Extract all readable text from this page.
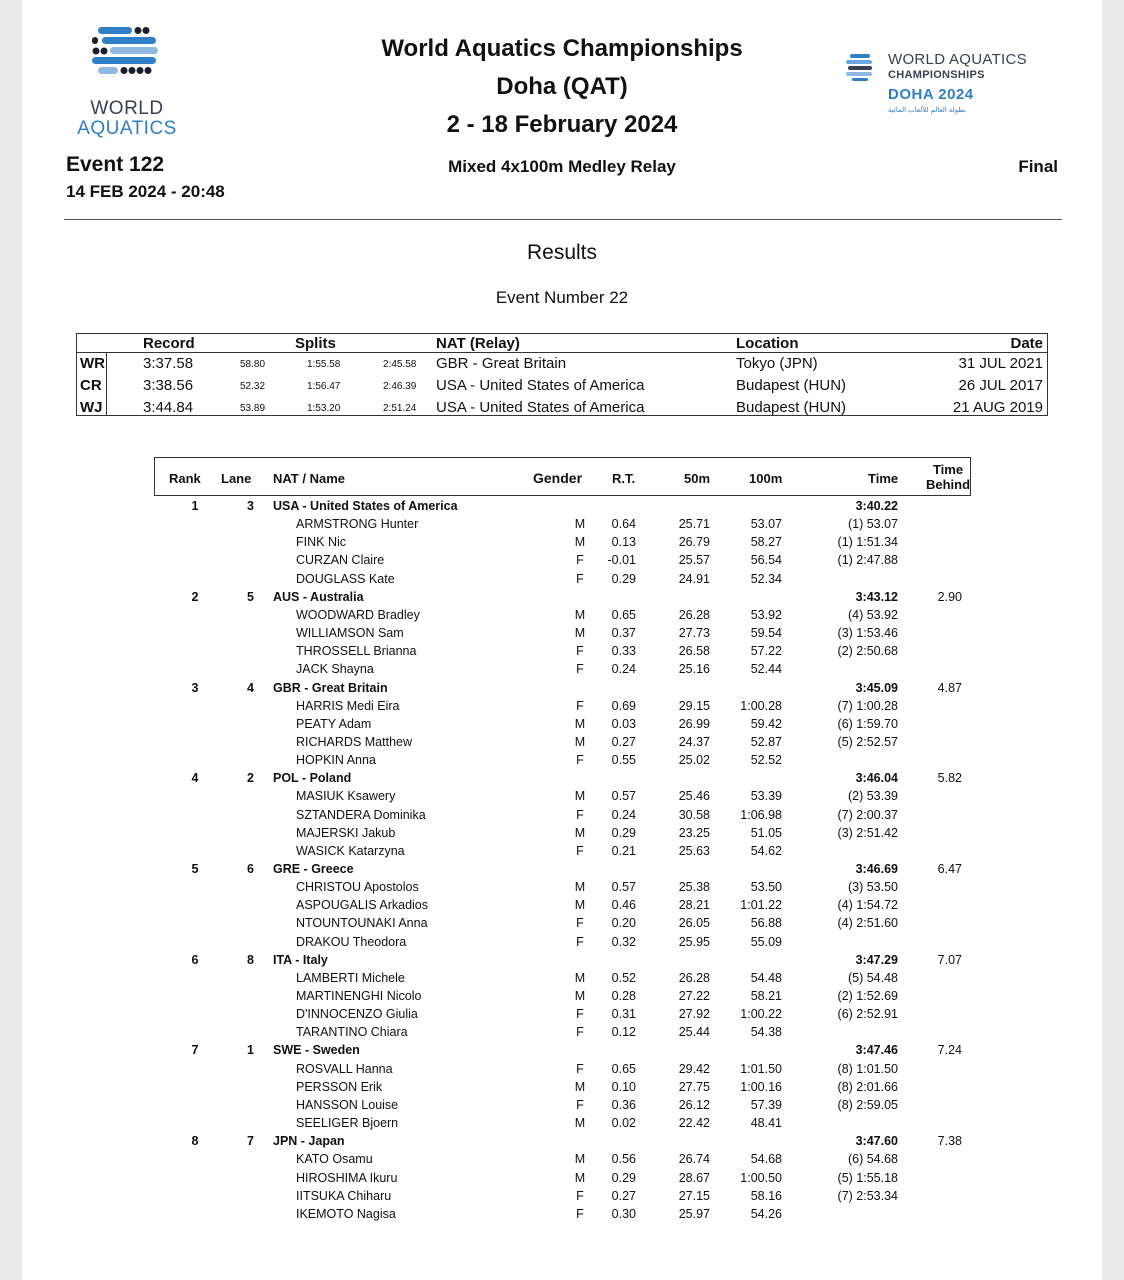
WORLD
AQUATICS
World Aquatics Championships
Doha (QAT)
2 - 18 February 2024
WORLD AQUATICS
CHAMPIONSHIPS
DOHA 2024
بطولة العالم للألعاب المائية
Event 122
14 FEB 2024 - 20:48
Mixed 4x100m Medley Relay	Final
Results
Event Number 22
Record	Splits	NAT (Relay)	Location	Date
WR	3:37.58	58.80	1:55.58	2:45.58 GBR - Great Britain	Tokyo (JPN)	31 JUL 2021
CR	3:38.56	52.32	1:56.47	2:46.39 USA - United States of America	Budapest (HUN)	26 JUL 2017
WJ	3:44.84	53.89	1:53.20	2:51.24 USA - United States of America	Budapest (HUN)	21 AUG 2019
Rank Lane NAT / Name	Gender R.T.	50m	100m	Time
Time
Behind
1	3	USA - United States of America	3:40.22
ARMSTRONG Hunter	M	0.64	25.71	53.07	(1) 53.07
FINK Nic	M	0.13	26.79	58.27	(1) 1:51.34
CURZAN Claire	F	-0.01	25.57	56.54	(1) 2:47.88
DOUGLASS Kate	F	0.29	24.91	52.34
2	5	AUS - Australia	3:43.12	2.90
WOODWARD Bradley	M	0.65	26.28	53.92	(4) 53.92
WILLIAMSON Sam	M	0.37	27.73	59.54	(3) 1:53.46
THROSSELL Brianna	F	0.33	26.58	57.22	(2) 2:50.68
JACK Shayna	F	0.24	25.16	52.44
3	4	GBR - Great Britain	3:45.09	4.87
HARRIS Medi Eira	F	0.69	29.15	1:00.28	(7) 1:00.28
PEATY Adam	M	0.03	26.99	59.42	(6) 1:59.70
RICHARDS Matthew	M	0.27	24.37	52.87	(5) 2:52.57
HOPKIN Anna	F	0.55	25.02	52.52
4	2	POL - Poland	3:46.04	5.82
MASIUK Ksawery	M	0.57	25.46	53.39	(2) 53.39
SZTANDERA Dominika	F	0.24	30.58	1:06.98	(7) 2:00.37
MAJERSKI Jakub	M	0.29	23.25	51.05	(3) 2:51.42
WASICK Katarzyna	F	0.21	25.63	54.62
5	6	GRE - Greece	3:46.69	6.47
CHRISTOU Apostolos	M	0.57	25.38	53.50	(3) 53.50
ASPOUGALIS Arkadios	M	0.46	28.21	1:01.22	(4) 1:54.72
NTOUNTOUNAKI Anna	F	0.20	26.05	56.88	(4) 2:51.60
DRAKOU Theodora	F	0.32	25.95	55.09
6	8	ITA - Italy	3:47.29	7.07
LAMBERTI Michele	M	0.52	26.28	54.48	(5) 54.48
MARTINENGHI Nicolo	M	0.28	27.22	58.21	(2) 1:52.69
D'INNOCENZO Giulia	F	0.31	27.92	1:00.22	(6) 2:52.91
TARANTINO Chiara	F	0.12	25.44	54.38
7	1	SWE - Sweden	3:47.46	7.24
ROSVALL Hanna	F	0.65	29.42	1:01.50	(8) 1:01.50
PERSSON Erik	M	0.10	27.75	1:00.16	(8) 2:01.66
HANSSON Louise	F	0.36	26.12	57.39	(8) 2:59.05
SEELIGER Bjoern	M	0.02	22.42	48.41
8	7	JPN - Japan	3:47.60	7.38
KATO Osamu	M	0.56	26.74	54.68	(6) 54.68
HIROSHIMA Ikuru	M	0.29	28.67	1:00.50	(5) 1:55.18
IITSUKA Chiharu	F	0.27	27.15	58.16	(7) 2:53.34
IKEMOTO Nagisa	F	0.30	25.97	54.26
